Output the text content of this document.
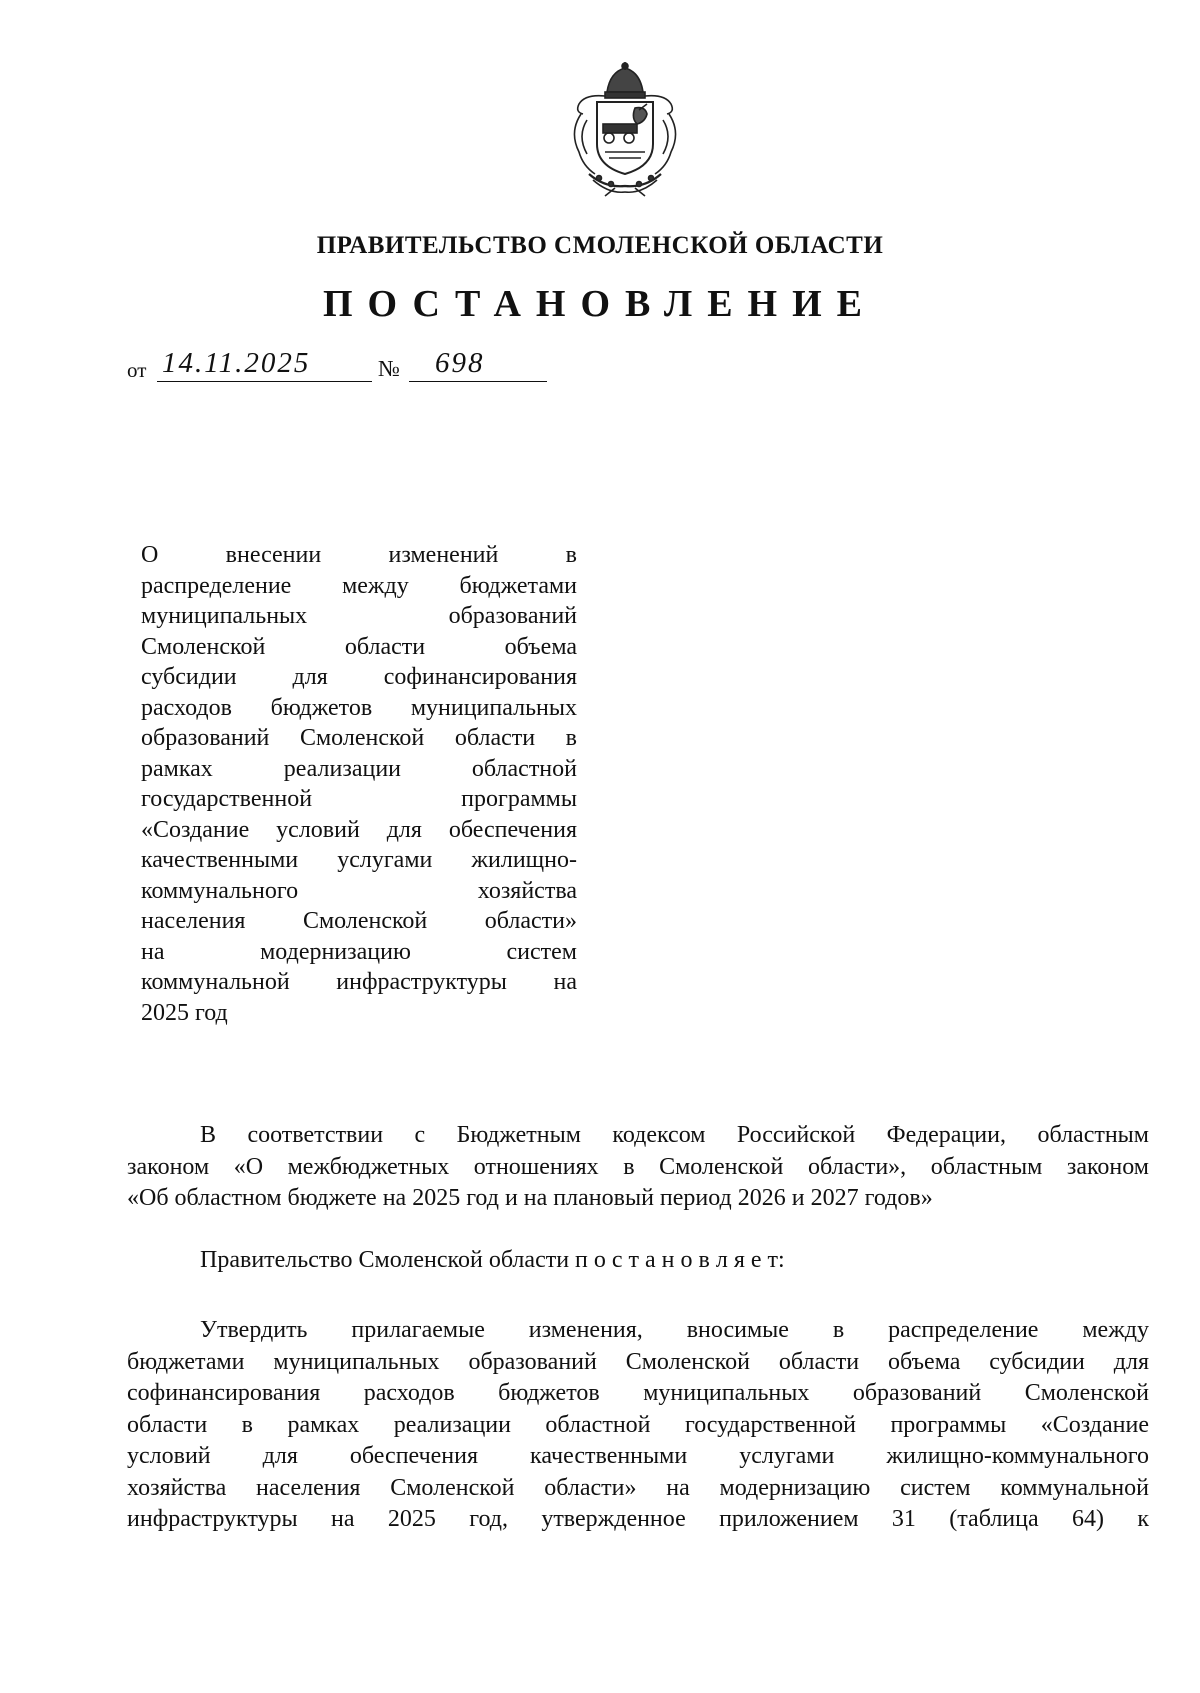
ПРАВИТЕЛЬСТВО СМОЛЕНСКОЙ ОБЛАСТИ
ПОСТАНОВЛЕНИЕ
от 14.11.2025	№ 698
О внесении изменений в
распределение между бюджетами
муниципальных образований
Смоленской области объема
субсидии для софинансирования
расходов бюджетов муниципальных
образований Смоленской области в
рамках реализации областной
государственной программы
«Создание условий для обеспечения
качественными услугами жилищно-
коммунального хозяйства
населения Смоленской области»
на модернизацию систем
коммунальной инфраструктуры на
2025 год
В соответствии с Бюджетным кодексом Российской Федерации, областным
законом «О межбюджетных отношениях в Смоленской области», областным законом
«Об областном бюджете на 2025 год и на плановый период 2026 и 2027 годов»
Правительство Смоленской области п о с т а н о в л я е т:
Утвердить прилагаемые изменения, вносимые в распределение между
бюджетами муниципальных образований Смоленской области объема субсидии для
софинансирования расходов бюджетов муниципальных образований Смоленской
области в рамках реализации областной государственной программы «Создание
условий для обеспечения качественными услугами жилищно-коммунального
хозяйства населения Смоленской области» на модернизацию систем коммунальной
инфраструктуры на 2025 год, утвержденное приложением 31 (таблица 64) к
